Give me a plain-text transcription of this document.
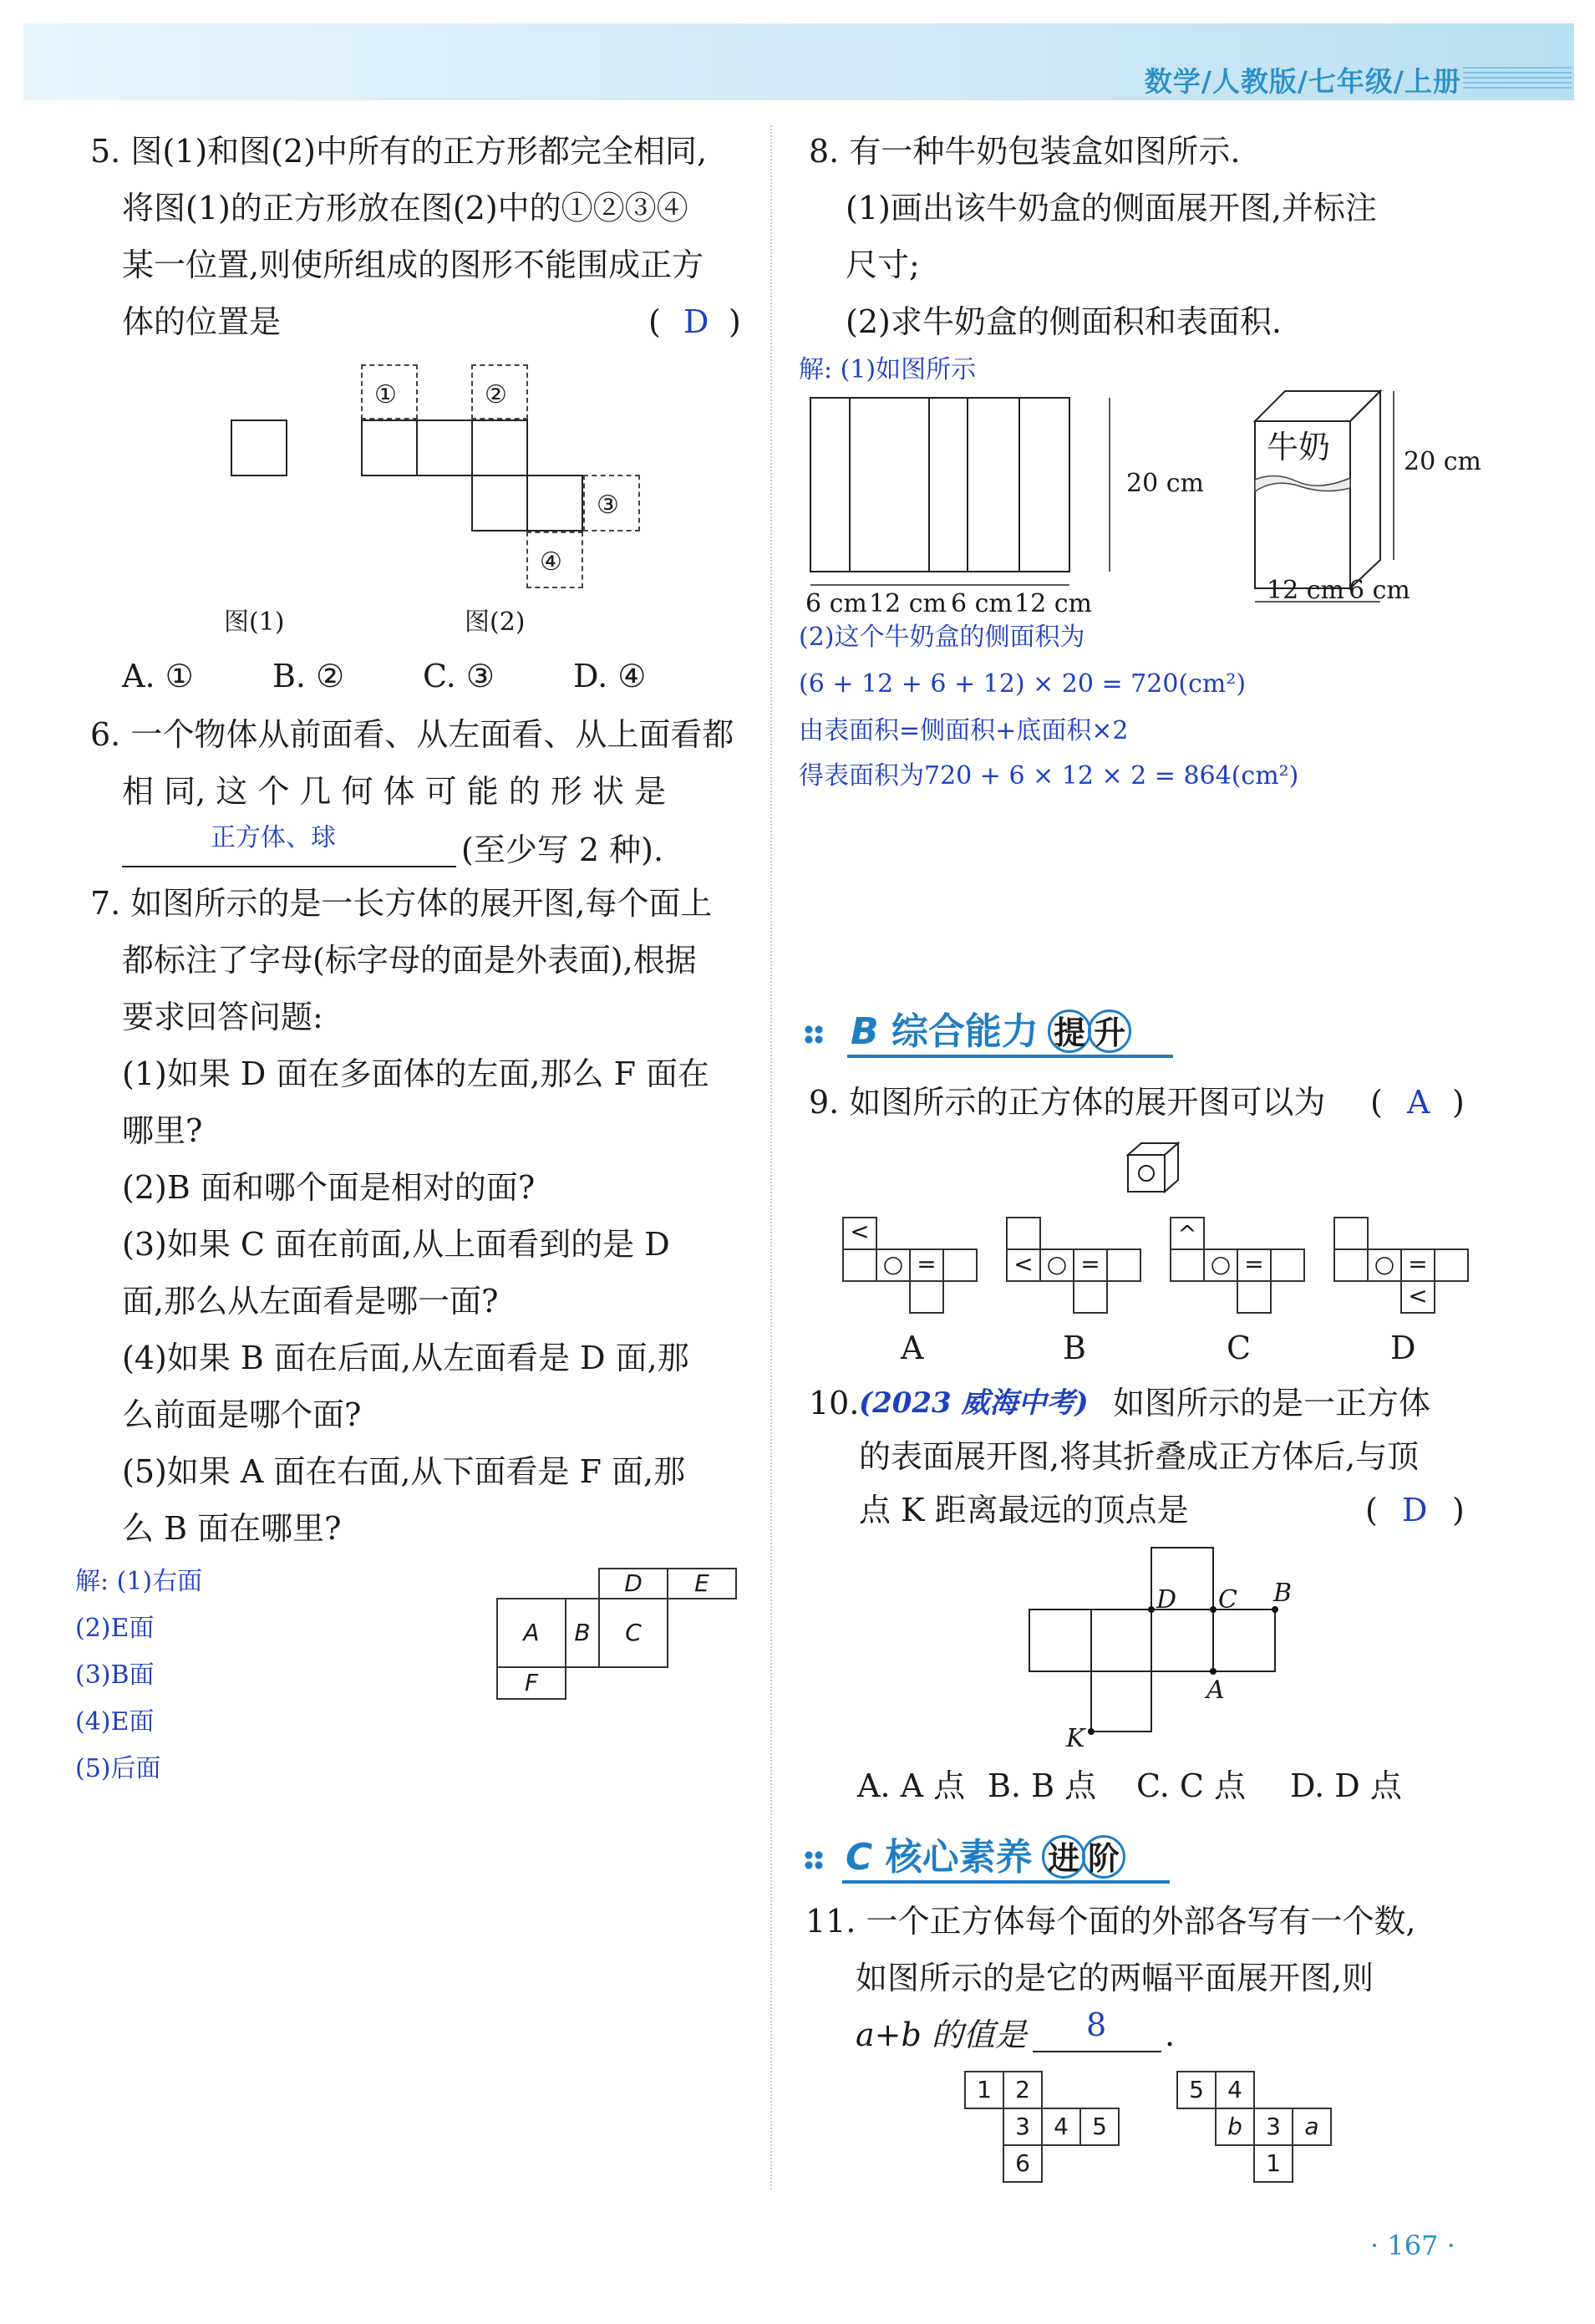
数学/人教版/七年级/上册
5. 图(1)和图(2)中所有的正方形都完全相同,
将图(1)的正方形放在图(2)中的①②③④
某一位置,则使所组成的图形不能围成正方
体的位置是	( D )
①	②
③
④
图(1)	图(2)
A. ① B. ② C. ③ D. ④
6. 一个物体从前面看、从左面看、从上面看都
相 同, 这 个 几 何 体 可 能 的 形 状 是
正方体、球	(至少写 2 种).
7. 如图所示的是一长方体的展开图,每个面上
都标注了字母(标字母的面是外表面),根据
要求回答问题:
(1)如果 D 面在多面体的左面,那么 F 面在
哪里?
(2)B 面和哪个面是相对的面?
(3)如果 C 面在前面,从上面看到的是 D
面,那么从左面看是哪一面?
(4)如果 B 面在后面,从左面看是 D 面,那
么前面是哪个面?
(5)如果 A 面在右面,从下面看是 F 面,那
么 B 面在哪里?
解: (1)右面
(2)E面
(3)B面
(4)E面
(5)后面
D	E
A	B	C
F
8. 有一种牛奶包装盒如图所示.
(1)画出该牛奶盒的侧面展开图,并标注
尺寸;
(2)求牛奶盒的侧面积和表面积.
解: (1)如图所示
20 cm
6 cm 12 cm 6 cm 12 cm
牛奶	20 cm
12 cm 6 cm
(2)这个牛奶盒的侧面积为
(6 + 12 + 6 + 12) × 20 = 720(cm²)
由表面积=侧面积+底面积×2
得表面积为720 + 6 × 12 × 2 = 864(cm²)
B 综合能力 提 升
9. 如图所示的正方体的展开图可以为 ( A )
<
○ =	< ○ =
^
○ =	○ =
<
A	B	C	D
10. (2023 威海中考) 如图所示的是一正方体
的表面展开图,将其折叠成正方体后,与顶
点 K 距离最远的顶点是	( D )
D C B
A
K
A. A 点 B. B 点 C. C 点 D. D 点
C 核心素养 进 阶
11. 一个正方体每个面的外部各写有一个数,
如图所示的是它的两幅平面展开图,则
a+b 的值是 8 .
1	2
3	4	5
6
5	4
b	3	a
1
· 167 ·
